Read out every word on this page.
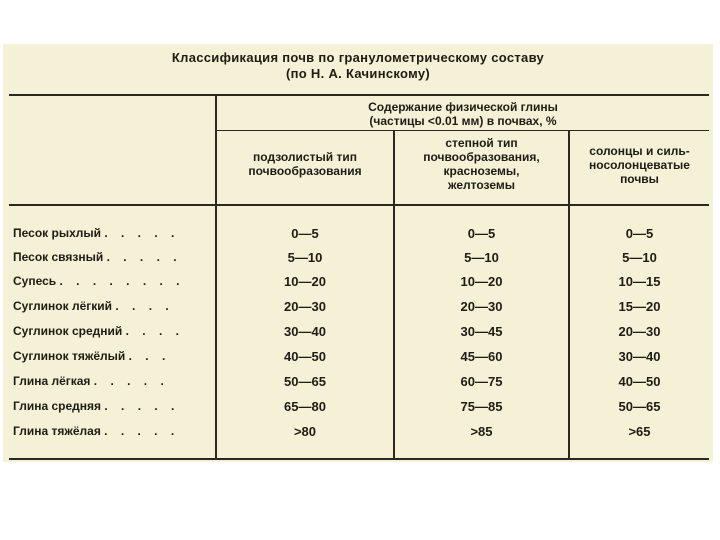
Классификация почв по гранулометрическому составу
(по Н. А. Качинскому)
Содержание физической глины
(частицы <0.01 мм) в почвах, %
подзолистый тип
почвообразования
степной тип
почвообразования,
красноземы,
желтоземы
солонцы и силь-
носолонцеватые
почвы
Песок рыхлый . . . . .	0—5	0—5	0—5
Песок связный . . . . .	5—10	5—10	5—10
Супесь . . . . . . . .	10—20	10—20	10—15
Суглинок лёгкий . . . .	20—30	20—30	15—20
Суглинок средний . . . .	30—40	30—45	20—30
Суглинок тяжёлый . . .	40—50	45—60	30—40
Глина лёгкая . . . . .	50—65	60—75	40—50
Глина средняя . . . . .	65—80	75—85	50—65
Глина тяжёлая . . . . .	>80	>85	>65
